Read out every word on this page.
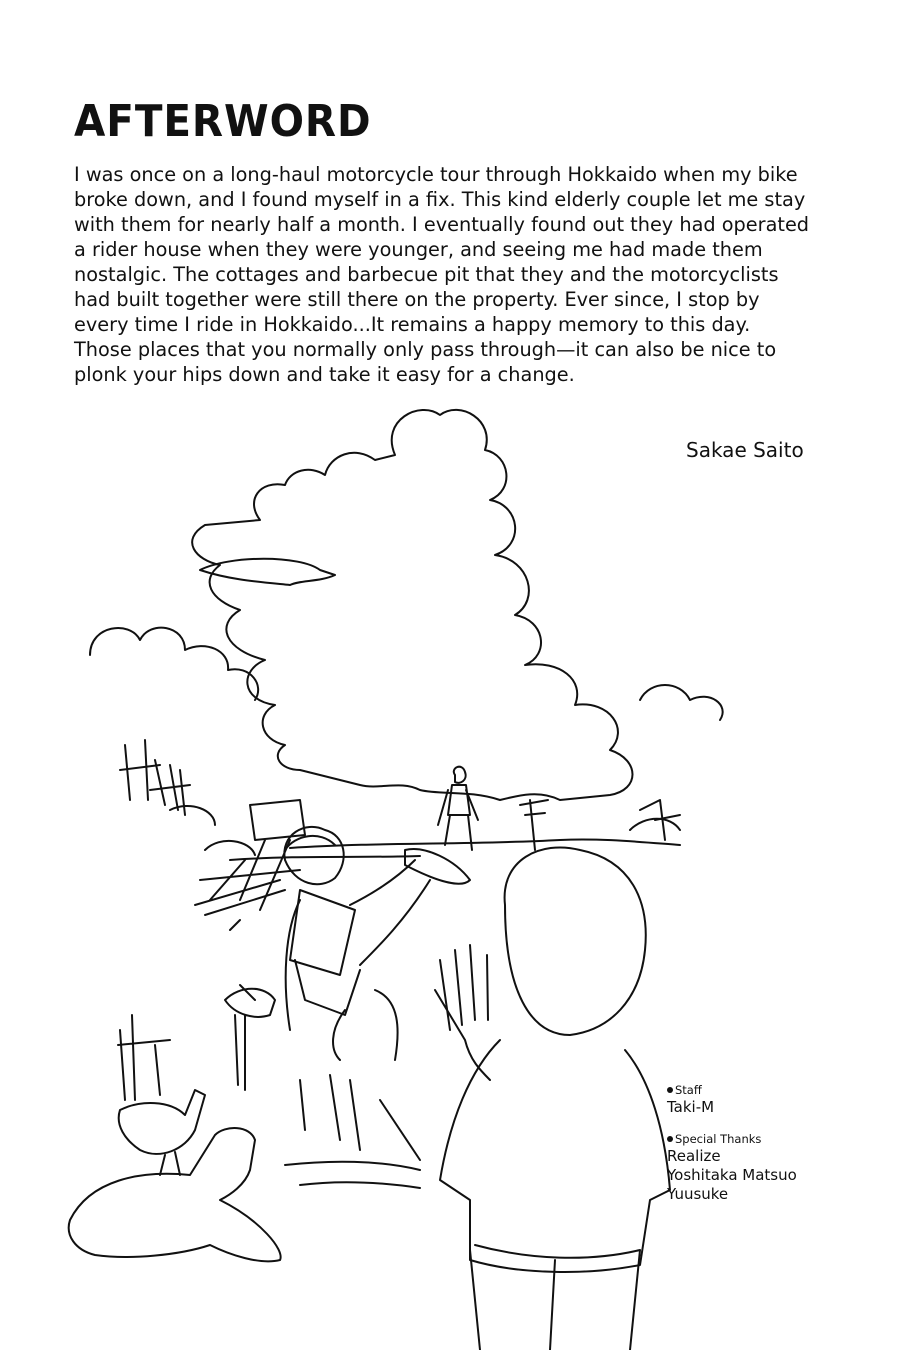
AFTERWORD

I was once on a long-haul motorcycle tour through Hokkaido when my bike broke down, and I found myself in a fix. This kind elderly couple let me stay with them for nearly half a month. I eventually found out they had operated a rider house when they were younger, and seeing me had made them nostalgic. The cottages and barbecue pit that they and the motorcyclists had built together were still there on the property. Ever since, I stop by every time I ride in Hokkaido...It remains a happy memory to this day. Those places that you normally only pass through—it can also be nice to plonk your hips down and take it easy for a change.

Sakae Saito
Staff
Taki-M
Special Thanks
Realize
Yoshitaka Matsuo
Yuusuke
